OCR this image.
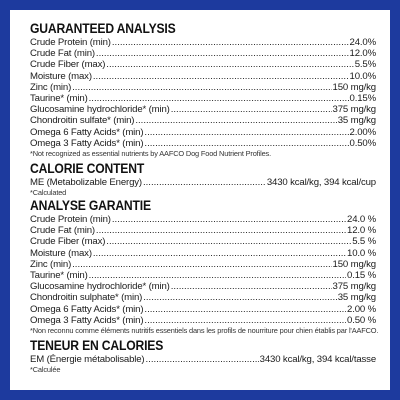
GUARANTEED ANALYSIS
Crude Protein (min) .....	24.0%
Crude Fat (min) .....	12.0%
Crude Fiber (max) .....	5.5%
Moisture (max) .....	10.0%
Zinc (min) .....	150 mg/kg
Taurine* (min) .....	0.15%
Glucosamine hydrochloride* (min) .....	375 mg/kg
Chondroitin sulfate* (min) .....	35 mg/kg
Omega 6 Fatty Acids* (min) .....	2.00%
Omega 3 Fatty Acids* (min) .....	0.50%
*Not recognized as essential nutrients by AAFCO Dog Food Nutrient Profiles.
CALORIE CONTENT
ME (Metabolizable Energy) .....	3430 kcal/kg, 394 kcal/cup
*Calculated
ANALYSE GARANTIE
Crude Protein (min) .....	24.0 %
Crude Fat (min) .....	12.0 %
Crude Fiber (max) .....	5.5 %
Moisture (max) .....	10.0 %
Zinc (min) .....	150 mg/kg
Taurine* (min) .....	0.15 %
Glucosamine hydrochloride* (min) .....	375 mg/kg
Chondroitin sulphate* (min) .....	35 mg/kg
Omega 6 Fatty Acids* (min) .....	2.00 %
Omega 3 Fatty Acids* (min) .....	0.50 %
*Non reconnu comme éléments nutritifs essentiels dans les profils de nourriture pour chien établis par l'AAFCO.
TENEUR EN CALORIES
EM (Énergie métabolisable) .....	3430 kcal/kg, 394 kcal/tasse
*Calculée
